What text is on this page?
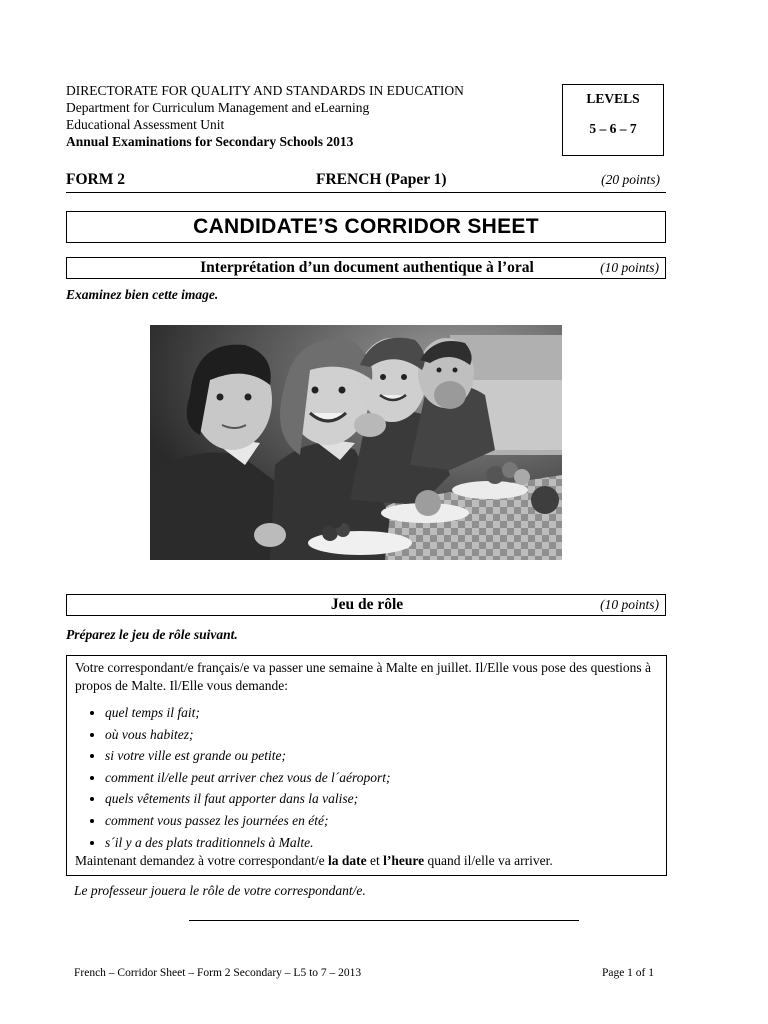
DIRECTORATE FOR QUALITY AND STANDARDS IN EDUCATION
Department for Curriculum Management and eLearning
Educational Assessment Unit
Annual Examinations for Secondary Schools 2013
LEVELS
5 – 6 – 7
FORM 2	FRENCH (Paper 1)	(20 points)
CANDIDATE’S CORRIDOR SHEET
Interprétation d’un document authentique à l’oral	(10 points)
Examinez bien cette image.
Jeu de rôle	(10 points)
Préparez le jeu de rôle suivant.
Votre correspondant/e français/e va passer une semaine à Malte en juillet. Il/Elle vous pose des questions à propos de Malte. Il/Elle vous demande:
• quel temps il fait;
• où vous habitez;
• si votre ville est grande ou petite;
• comment il/elle peut arriver chez vous de l´aéroport;
• quels vêtements il faut apporter dans la valise;
• comment vous passez les journées en été;
• s´il y a des plats traditionnels à Malte.
Maintenant demandez à votre correspondant/e la date et l’heure quand il/elle va arriver.
Le professeur jouera le rôle de votre correspondant/e.
French – Corridor Sheet – Form 2 Secondary – L5 to 7 – 2013	Page 1 of 1
